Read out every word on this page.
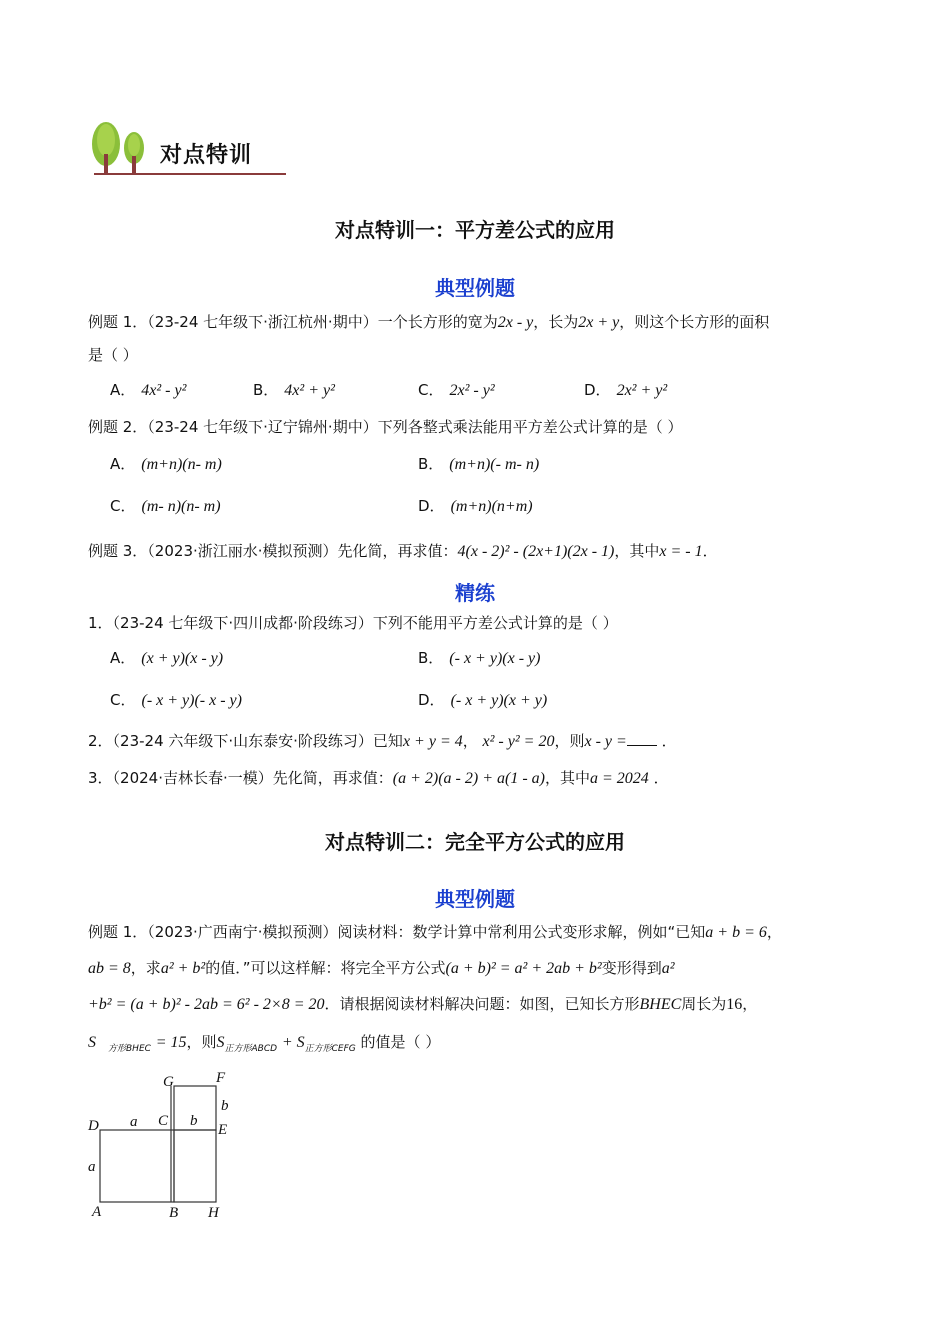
对点特训
对点特训一：平方差公式的应用
典型例题
例题 1．（23-24 七年级下·浙江杭州·期中）一个长方形的宽为2x - y，长为2x + y，则这个长方形的面积
是（ ）
A． 4x² - y²	B． 4x² + y²	C． 2x² - y²	D． 2x² + y²
例题 2．（23-24 七年级下·辽宁锦州·期中）下列各整式乘法能用平方差公式计算的是（ ）
A． (m+n)(n- m)	B． (m+n)(- m- n)
C． (m- n)(n- m)	D． (m+n)(n+m)
例题 3．（2023·浙江丽水·模拟预测）先化简，再求值：4(x - 2)² - (2x+1)(2x - 1)，其中x = - 1．
精练
1．（23-24 七年级下·四川成都·阶段练习）下列不能用平方差公式计算的是（ ）
A． (x + y)(x - y)	B． (- x + y)(x - y)
C． (- x + y)(- x - y)	D． (- x + y)(x + y)
2．（23-24 六年级下·山东泰安·阶段练习）已知x + y = 4， x² - y² = 20，则x - y = ．
3．（2024·吉林长春·一模）先化简，再求值：(a + 2)(a - 2) + a(1 - a)，其中a = 2024 ．
对点特训二：完全平方公式的应用
典型例题
例题 1．（2023·广西南宁·模拟预测）阅读材料：数学计算中常利用公式变形求解，例如“已知a + b = 6，
ab = 8，求a² + b²的值．”可以这样解：将完全平方公式(a + b)² = a² + 2ab + b²变形得到a²
+b² = (a + b)² - 2ab = 6² - 2×8 = 20．请根据阅读材料解决问题：如图，已知长方形BHEC周长为16，
S $_{方形BHEC}$ = 15，则$S_{正方形ABCD} + S_{正方形CEFG}$ 的值是（ ）
G	F
b
D a C b
E
a
A	B H
